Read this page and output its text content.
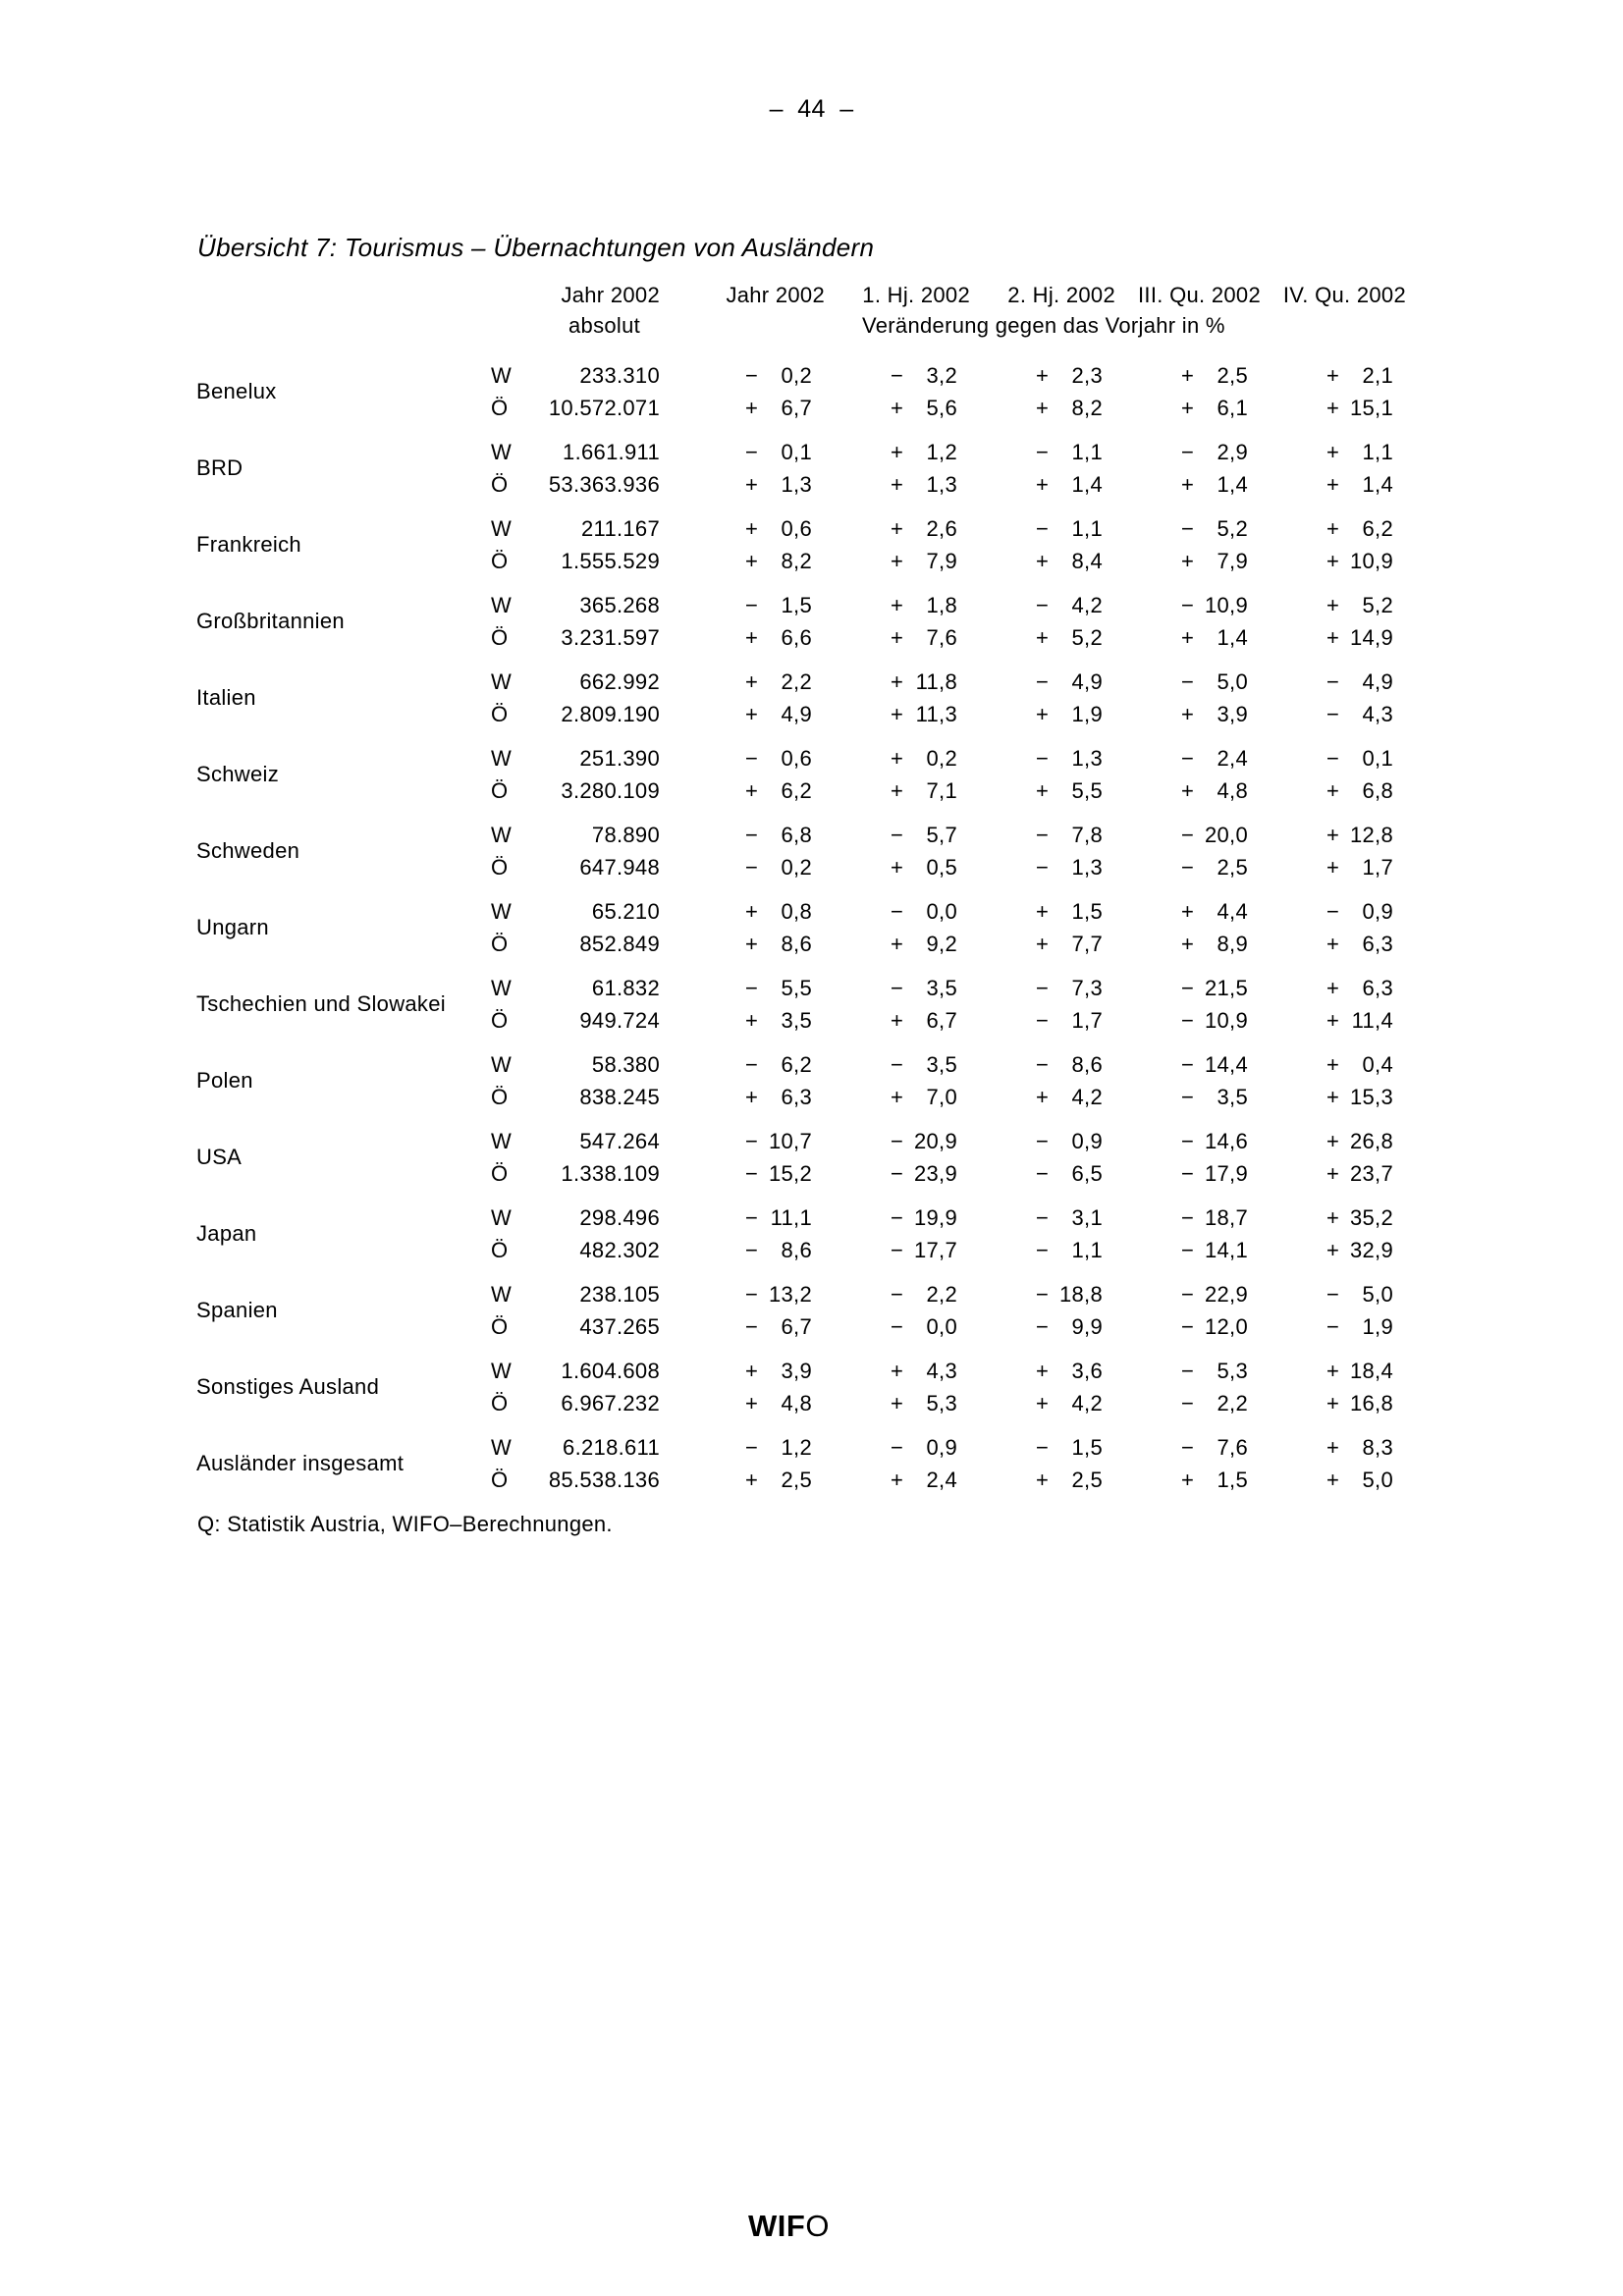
–  44  –
Übersicht 7: Tourismus – Übernachtungen von Ausländern
Jahr 2002	Jahr 2002	1. Hj. 2002	2. Hj. 2002	III. Qu. 2002	IV. Qu. 2002
absolut	Veränderung gegen das Vorjahr in %
Benelux
W	233.310	−	0,2	−	3,2	+	2,3	+	2,5	+	2,1
Ö	10.572.071	+	6,7	+	5,6	+	8,2	+	6,1	+ 15,1
BRD
W	1.661.911	−	0,1	+	1,2	−	1,1	−	2,9	+	1,1
Ö	53.363.936	+	1,3	+	1,3	+	1,4	+	1,4	+	1,4
Frankreich
W	211.167	+	0,6	+	2,6	−	1,1	−	5,2	+	6,2
Ö	1.555.529	+	8,2	+	7,9	+	8,4	+	7,9	+ 10,9
Großbritannien
W	365.268	−	1,5	+	1,8	−	4,2	− 10,9	+	5,2
Ö	3.231.597	+	6,6	+	7,6	+	5,2	+	1,4	+ 14,9
Italien
W	662.992	+	2,2	+ 11,8	−	4,9	−	5,0	−	4,9
Ö	2.809.190	+	4,9	+ 11,3	+	1,9	+	3,9	−	4,3
Schweiz
W	251.390	−	0,6	+	0,2	−	1,3	−	2,4	−	0,1
Ö	3.280.109	+	6,2	+	7,1	+	5,5	+	4,8	+	6,8
Schweden
W	78.890	−	6,8	−	5,7	−	7,8	− 20,0	+ 12,8
Ö	647.948	−	0,2	+	0,5	−	1,3	−	2,5	+	1,7
Ungarn
W	65.210	+	0,8	−	0,0	+	1,5	+	4,4	−	0,9
Ö	852.849	+	8,6	+	9,2	+	7,7	+	8,9	+	6,3
Tschechien und Slowakei
W	61.832	−	5,5	−	3,5	−	7,3	− 21,5	+	6,3
Ö	949.724	+	3,5	+	6,7	−	1,7	− 10,9	+ 11,4
Polen
W	58.380	−	6,2	−	3,5	−	8,6	− 14,4	+	0,4
Ö	838.245	+	6,3	+	7,0	+	4,2	−	3,5	+ 15,3
USA
W	547.264	− 10,7	− 20,9	−	0,9	− 14,6	+ 26,8
Ö	1.338.109	− 15,2	− 23,9	−	6,5	− 17,9	+ 23,7
Japan
W	298.496	− 11,1	− 19,9	−	3,1	− 18,7	+ 35,2
Ö	482.302	−	8,6	− 17,7	−	1,1	− 14,1	+ 32,9
Spanien
W	238.105	− 13,2	−	2,2	− 18,8	− 22,9	−	5,0
Ö	437.265	−	6,7	−	0,0	−	9,9	− 12,0	−	1,9
Sonstiges Ausland
W	1.604.608	+	3,9	+	4,3	+	3,6	−	5,3	+ 18,4
Ö	6.967.232	+	4,8	+	5,3	+	4,2	−	2,2	+ 16,8
Ausländer insgesamt
W	6.218.611	−	1,2	−	0,9	−	1,5	−	7,6	+	8,3
Ö	85.538.136	+	2,5	+	2,4	+	2,5	+	1,5	+	5,0
Q: Statistik Austria, WIFO–Berechnungen.
WIFO
